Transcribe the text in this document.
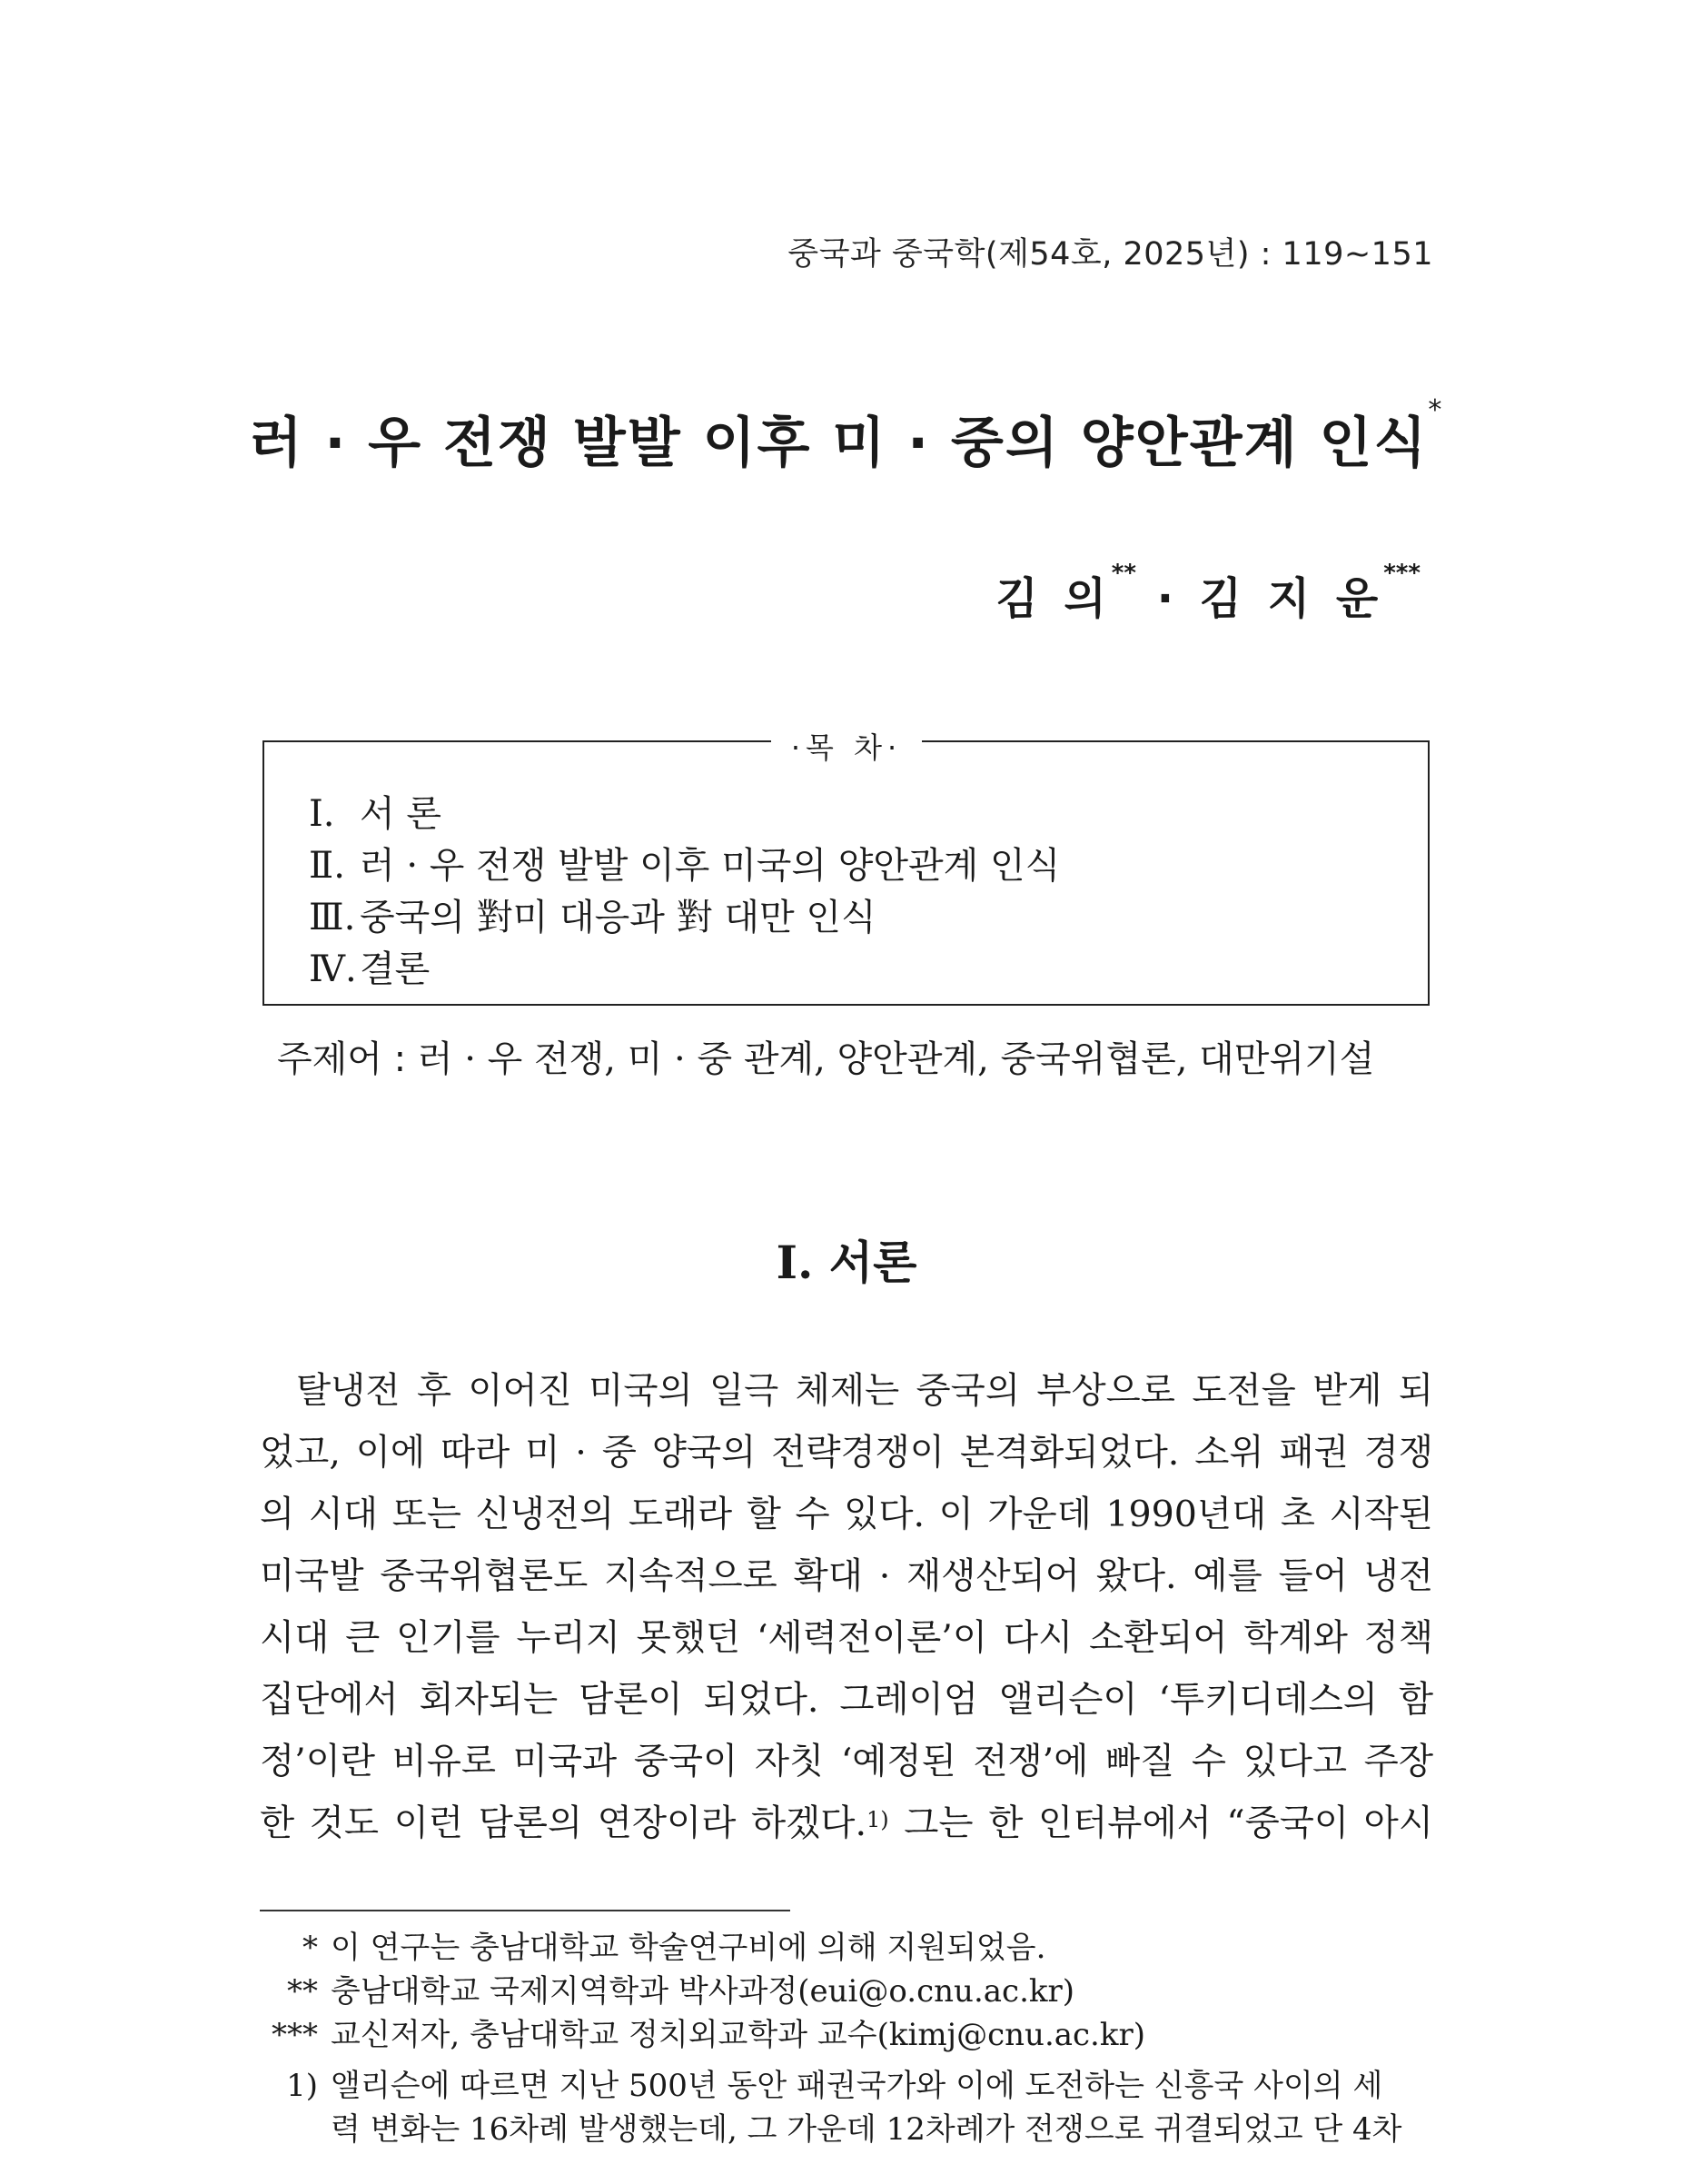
중국과 중국학(제54호, 2025년) : 119~151
러 · 우 전쟁 발발 이후 미 · 중의 양안관계 인식*
김 의** · 김 지 운***
·목 차·
Ⅰ. 서 론
Ⅱ. 러 · 우 전쟁 발발 이후 미국의 양안관계 인식
Ⅲ. 중국의 對미 대응과 對 대만 인식
Ⅳ.결론
주제어 : 러 · 우 전쟁, 미 · 중 관계, 양안관계, 중국위협론, 대만위기설
Ⅰ. 서론
탈냉전 후 이어진 미국의 일극 체제는 중국의 부상으로 도전을 받게 되
었고, 이에 따라 미 · 중 양국의 전략경쟁이 본격화되었다. 소위 패권 경쟁
의 시대 또는 신냉전의 도래라 할 수 있다. 이 가운데 1990년대 초 시작된
미국발 중국위협론도 지속적으로 확대 · 재생산되어 왔다. 예를 들어 냉전
시대 큰 인기를 누리지 못했던 ‘세력전이론’이 다시 소환되어 학계와 정책
집단에서 회자되는 담론이 되었다. 그레이엄 앨리슨이 ‘투키디데스의 함
정’이란 비유로 미국과 중국이 자칫 ‘예정된 전쟁’에 빠질 수 있다고 주장
한 것도 이런 담론의 연장이라 하겠다.$^{1)}$ 그는 한 인터뷰에서 “중국이 아시
* 이 연구는 충남대학교 학술연구비에 의해 지원되었음.
** 충남대학교 국제지역학과 박사과정(eui@o.cnu.ac.kr)
*** 교신저자, 충남대학교 정치외교학과 교수(kimj@cnu.ac.kr)
1) 앨리슨에 따르면 지난 500년 동안 패권국가와 이에 도전하는 신흥국 사이의 세
력 변화는 16차례 발생했는데, 그 가운데 12차례가 전쟁으로 귀결되었고 단 4차
